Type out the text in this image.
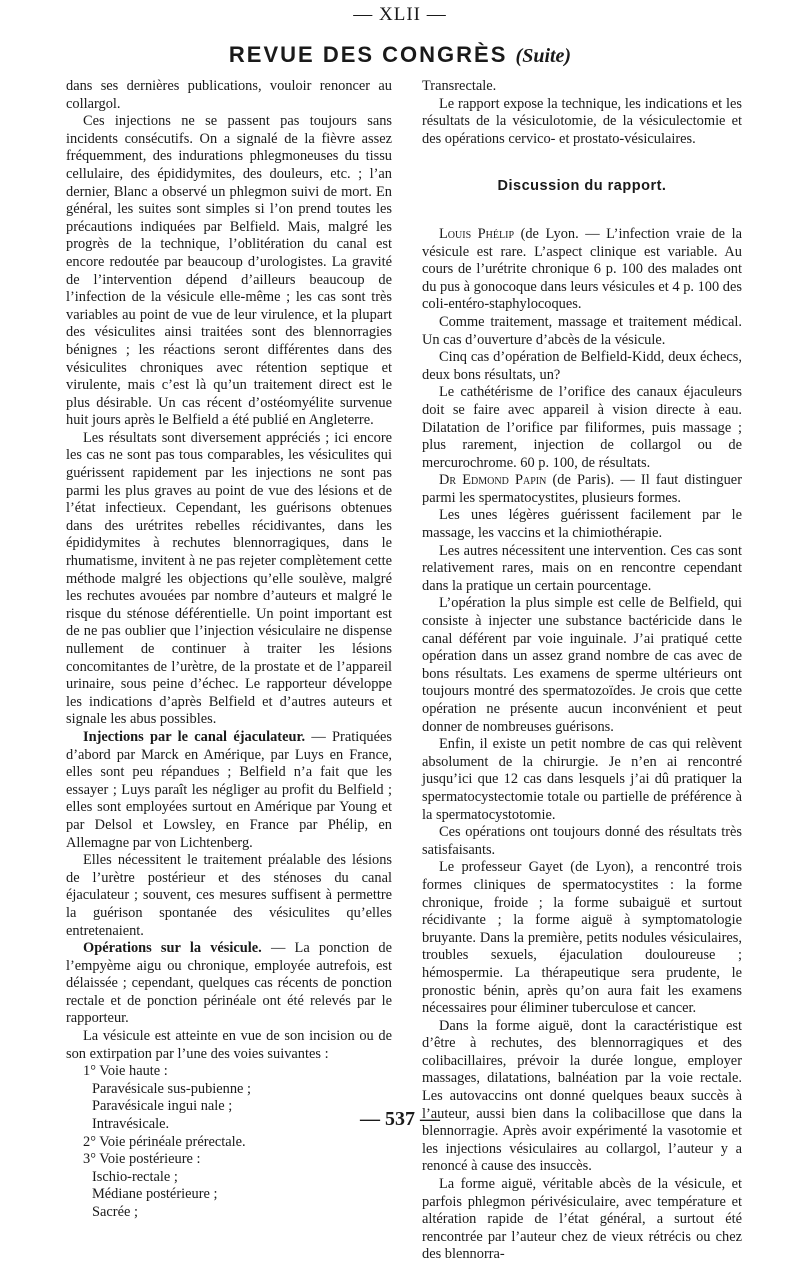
— XLII —
REVUE DES CONGRÈS (Suite)

dans ses dernières publications, vouloir renoncer au collargol.

Ces injections ne se passent pas toujours sans incidents consécutifs. On a signalé de la fièvre assez fréquemment, des indurations phlegmoneuses du tissu cellulaire, des épididymites, des douleurs, etc. ; l’an dernier, Blanc a observé un phlegmon suivi de mort. En général, les suites sont simples si l’on prend toutes les précautions indiquées par Belfield. Mais, malgré les progrès de la technique, l’oblitération du canal est encore redoutée par beaucoup d’urologistes. La gravité de l’intervention dépend d’ailleurs beaucoup de l’infection de la vésicule elle-même ; les cas sont très variables au point de vue de leur virulence, et la plupart des vésiculites ainsi traitées sont des blennorragies bénignes ; les réactions seront différentes dans des vésiculites chroniques avec rétention septique et virulente, mais c’est là qu’un traitement direct est le plus désirable. Un cas récent d’ostéomyélite survenue huit jours après le Belfield a été publié en Angleterre.

Les résultats sont diversement appréciés ; ici encore les cas ne sont pas tous comparables, les vésiculites qui guérissent rapidement par les injections ne sont pas parmi les plus graves au point de vue des lésions et de l’état infectieux. Cependant, les guérisons obtenues dans des urétrites rebelles récidivantes, dans les épididymites à rechutes blennorragiques, dans le rhumatisme, invitent à ne pas rejeter complètement cette méthode malgré les objections qu’elle soulève, malgré les rechutes avouées par nombre d’auteurs et malgré le risque du sténose déférentielle. Un point important est de ne pas oublier que l’injection vésiculaire ne dispense nullement de continuer à traiter les lésions concomitantes de l’urètre, de la prostate et de l’appareil urinaire, sous peine d’échec. Le rapporteur développe les indications d’après Belfield et d’autres auteurs et signale les abus possibles.

Injections par le canal éjaculateur. — Pratiquées d’abord par Marck en Amérique, par Luys en France, elles sont peu répandues ; Belfield n’a fait que les essayer ; Luys paraît les négliger au profit du Belfield ; elles sont employées surtout en Amérique par Young et par Delsol et Lowsley, en France par Phélip, en Allemagne par von Lichtenberg.

Elles nécessitent le traitement préalable des lésions de l’urètre postérieur et des sténoses du canal éjaculateur ; souvent, ces mesures suffisent à permettre la guérison spontanée des vésiculites qu’elles entretenaient.

Opérations sur la vésicule. — La ponction de l’empyème aigu ou chronique, employée autrefois, est délaissée ; cependant, quelques cas récents de ponction rectale et de ponction périnéale ont été relevés par le rapporteur.

La vésicule est atteinte en vue de son incision ou de son extirpation par l’une des voies suivantes :

1° Voie haute :
Paravésicale sus-pubienne ;
Paravésicale ingui nale ;
Intravésicale.
2° Voie périnéale prérectale.
3° Voie postérieure :
Ischio-rectale ;
Médiane postérieure ;
Sacrée ;

Transrectale.

Le rapport expose la technique, les indications et les résultats de la vésiculotomie, de la vésiculectomie et des opérations cervico- et prostato-vésiculaires.

Discussion du rapport.

Louis Phélip (de Lyon. — L’infection vraie de la vésicule est rare. L’aspect clinique est variable. Au cours de l’urétrite chronique 6 p. 100 des malades ont du pus à gonocoque dans leurs vésicules et 4 p. 100 des coli-entéro-staphylocoques.

Comme traitement, massage et traitement médical. Un cas d’ouverture d’abcès de la vésicule.

Cinq cas d’opération de Belfield-Kidd, deux échecs, deux bons résultats, un?

Le cathétérisme de l’orifice des canaux éjaculeurs doit se faire avec appareil à vision directe à eau. Dilatation de l’orifice par filiformes, puis massage ; plus rarement, injection de collargol ou de mercurochrome. 60 p. 100, de résultats.

Dr Edmond Papin (de Paris). — Il faut distinguer parmi les spermatocystites, plusieurs formes.

Les unes légères guérissent facilement par le massage, les vaccins et la chimiothérapie.

Les autres nécessitent une intervention. Ces cas sont relativement rares, mais on en rencontre cependant dans la pratique un certain pourcentage.

L’opération la plus simple est celle de Belfield, qui consiste à injecter une substance bactéricide dans le canal déférent par voie inguinale. J’ai pratiqué cette opération dans un assez grand nombre de cas avec de bons résultats. Les examens de sperme ultérieurs ont toujours montré des spermatozoïdes. Je crois que cette opération ne présente aucun inconvénient et peut donner de nombreuses guérisons.

Enfin, il existe un petit nombre de cas qui relèvent absolument de la chirurgie. Je n’en ai rencontré jusqu’ici que 12 cas dans lesquels j’ai dû pratiquer la spermatocystectomie totale ou partielle de préférence à la spermatocystotomie.

Ces opérations ont toujours donné des résultats très satisfaisants.

Le professeur Gayet (de Lyon), a rencontré trois formes cliniques de spermatocystites : la forme chronique, froide ; la forme subaiguë et surtout récidivante ; la forme aiguë à symptomatologie bruyante. Dans la première, petits nodules vésiculaires, troubles sexuels, éjaculation douloureuse ; hémospermie. La thérapeutique sera prudente, le pronostic bénin, après qu’on aura fait les examens nécessaires pour éliminer tuberculose et cancer.

Dans la forme aiguë, dont la caractéristique est d’être à rechutes, des blennorragiques et des colibacillaires, prévoir la durée longue, employer massages, dilatations, balnéation par la voie rectale. Les autovaccins ont donné quelques beaux succès à l’auteur, aussi bien dans la colibacillose que dans la blennorragie. Après avoir expérimenté la vasotomie et les injections vésiculaires au collargol, l’auteur y a renoncé à cause des insuccès.

La forme aiguë, véritable abcès de la vésicule, et parfois phlegmon périvésiculaire, avec température et altération rapide de l’état général, a surtout été rencontrée par l’auteur chez de vieux rétrécis ou chez des blennorra-

— 537 —
